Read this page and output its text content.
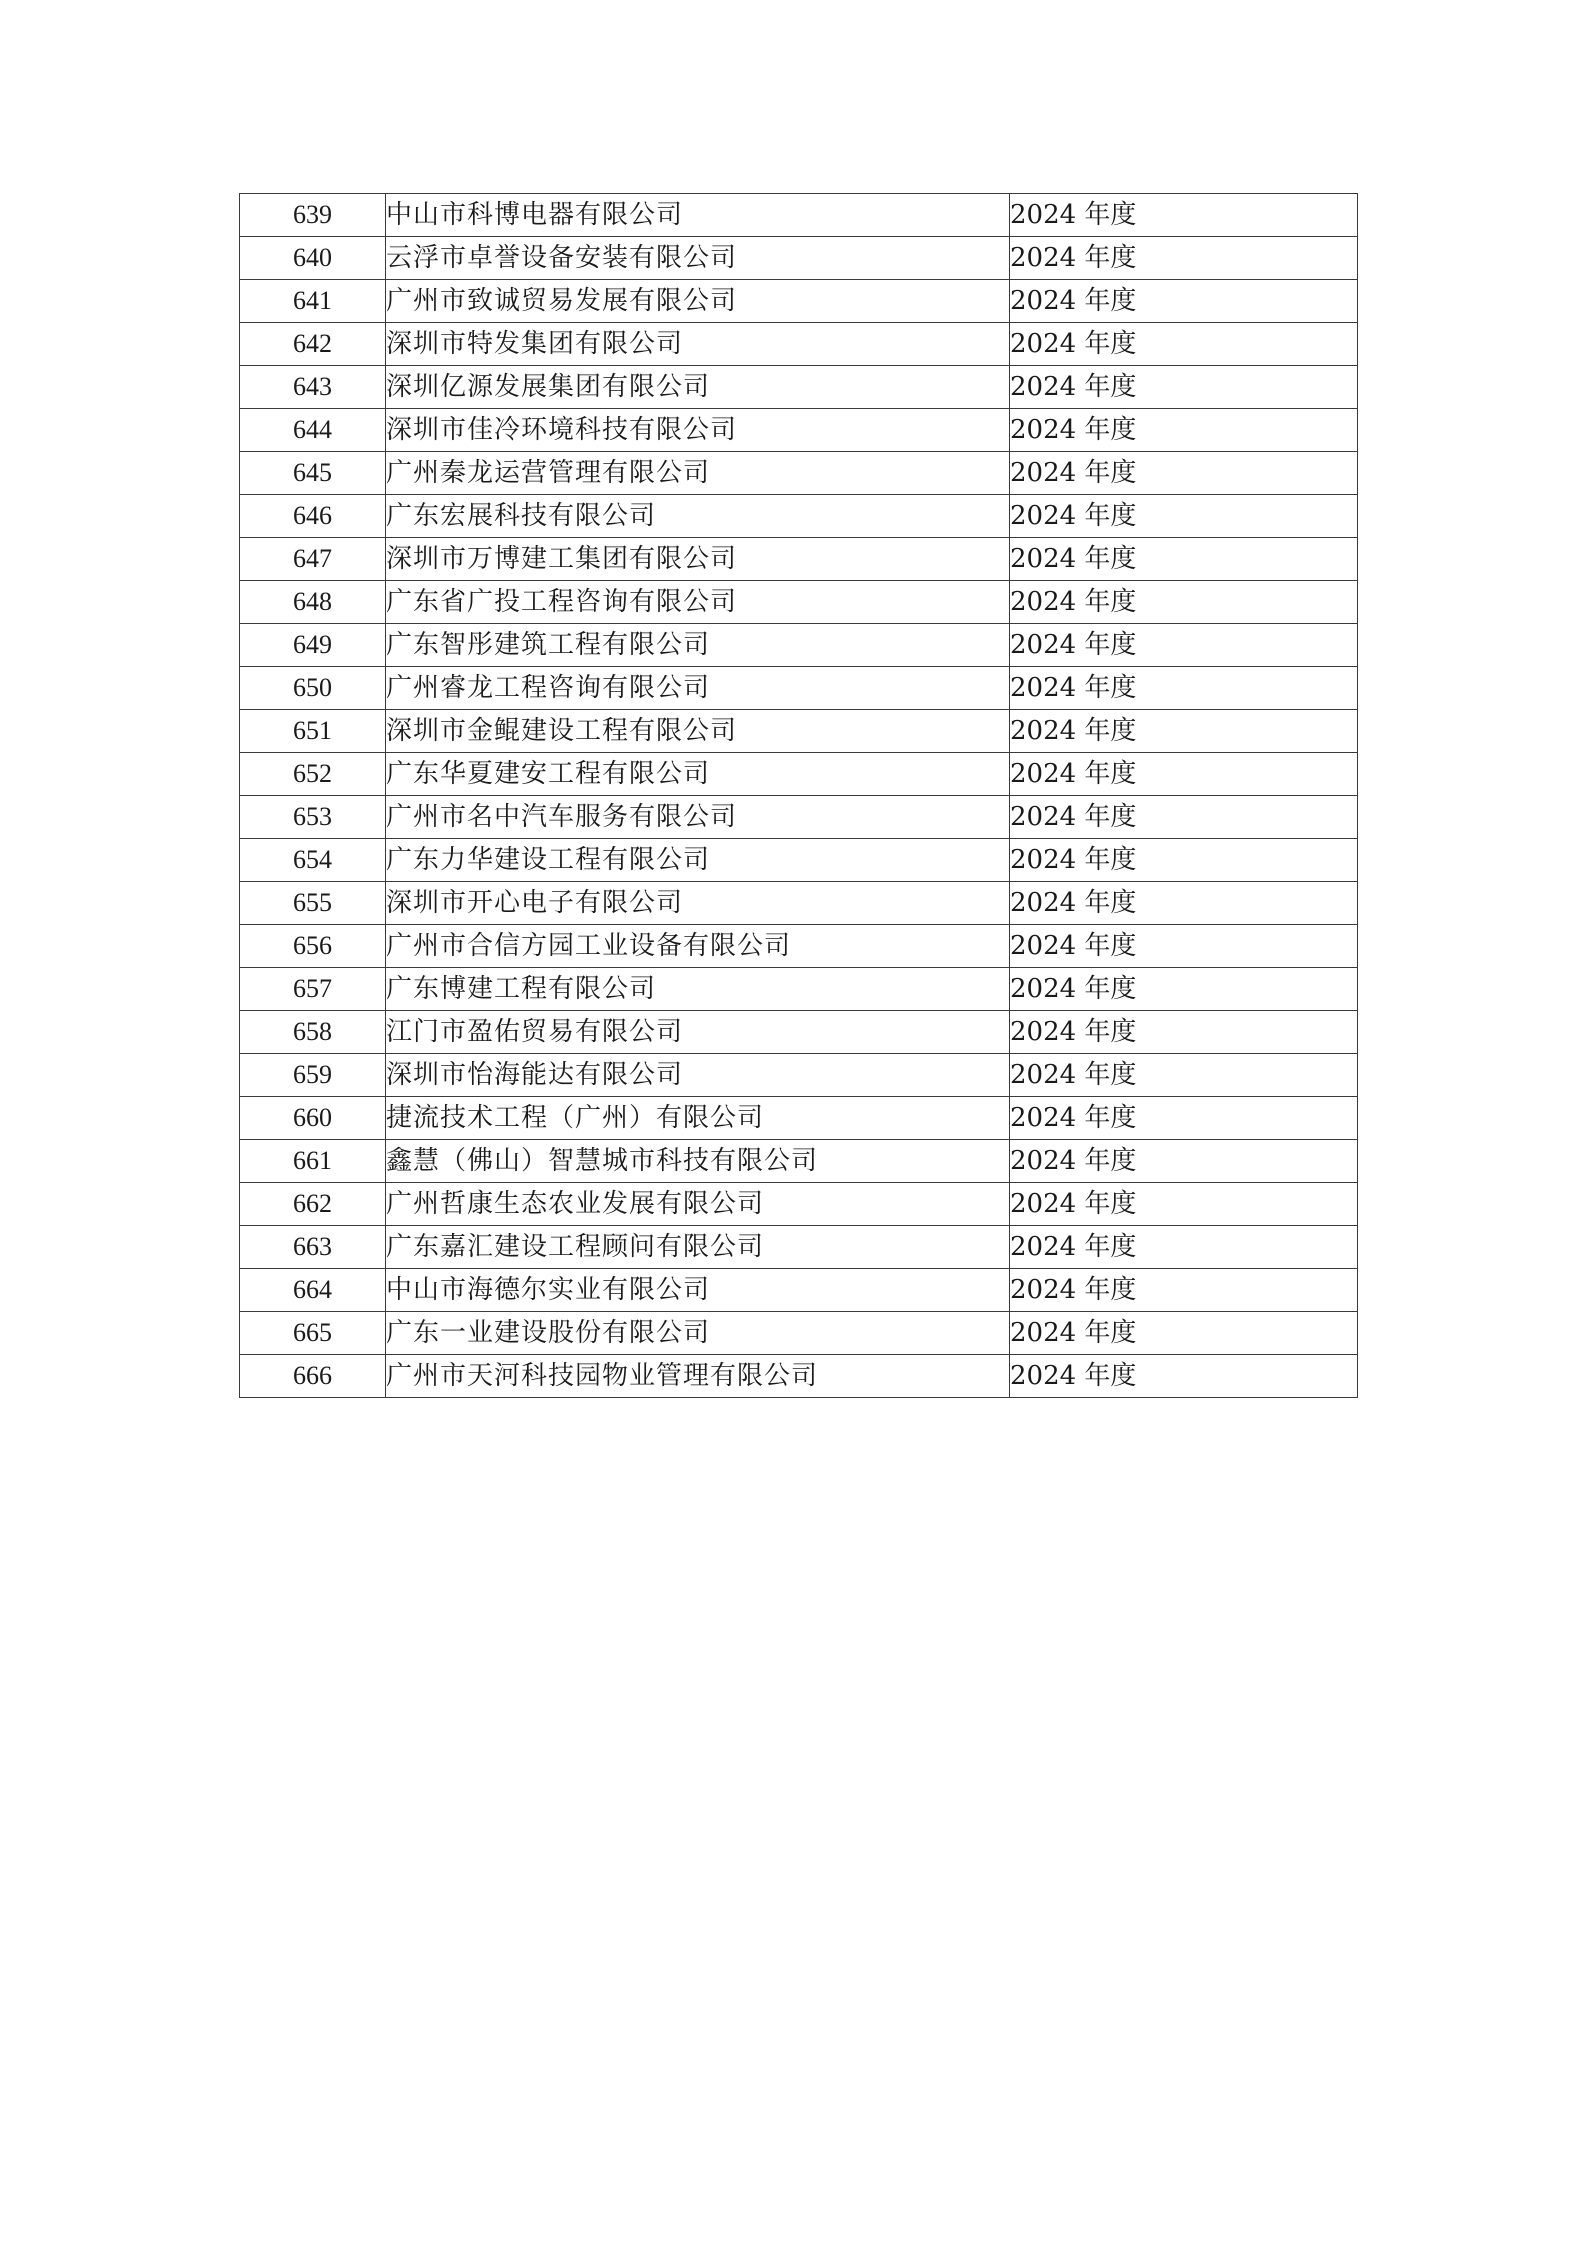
639	中山市科博电器有限公司	2024 年度
640	云浮市卓誉设备安装有限公司	2024 年度
641	广州市致诚贸易发展有限公司	2024 年度
642	深圳市特发集团有限公司	2024 年度
643	深圳亿源发展集团有限公司	2024 年度
644	深圳市佳冷环境科技有限公司	2024 年度
645	广州秦龙运营管理有限公司	2024 年度
646	广东宏展科技有限公司	2024 年度
647	深圳市万博建工集团有限公司	2024 年度
648	广东省广投工程咨询有限公司	2024 年度
649	广东智彤建筑工程有限公司	2024 年度
650	广州睿龙工程咨询有限公司	2024 年度
651	深圳市金鲲建设工程有限公司	2024 年度
652	广东华夏建安工程有限公司	2024 年度
653	广州市名中汽车服务有限公司	2024 年度
654	广东力华建设工程有限公司	2024 年度
655	深圳市开心电子有限公司	2024 年度
656	广州市合信方园工业设备有限公司	2024 年度
657	广东博建工程有限公司	2024 年度
658	江门市盈佑贸易有限公司	2024 年度
659	深圳市怡海能达有限公司	2024 年度
660	捷流技术工程（广州）有限公司	2024 年度
661	鑫慧（佛山）智慧城市科技有限公司	2024 年度
662	广州哲康生态农业发展有限公司	2024 年度
663	广东嘉汇建设工程顾问有限公司	2024 年度
664	中山市海德尔实业有限公司	2024 年度
665	广东一业建设股份有限公司	2024 年度
666	广州市天河科技园物业管理有限公司	2024 年度
